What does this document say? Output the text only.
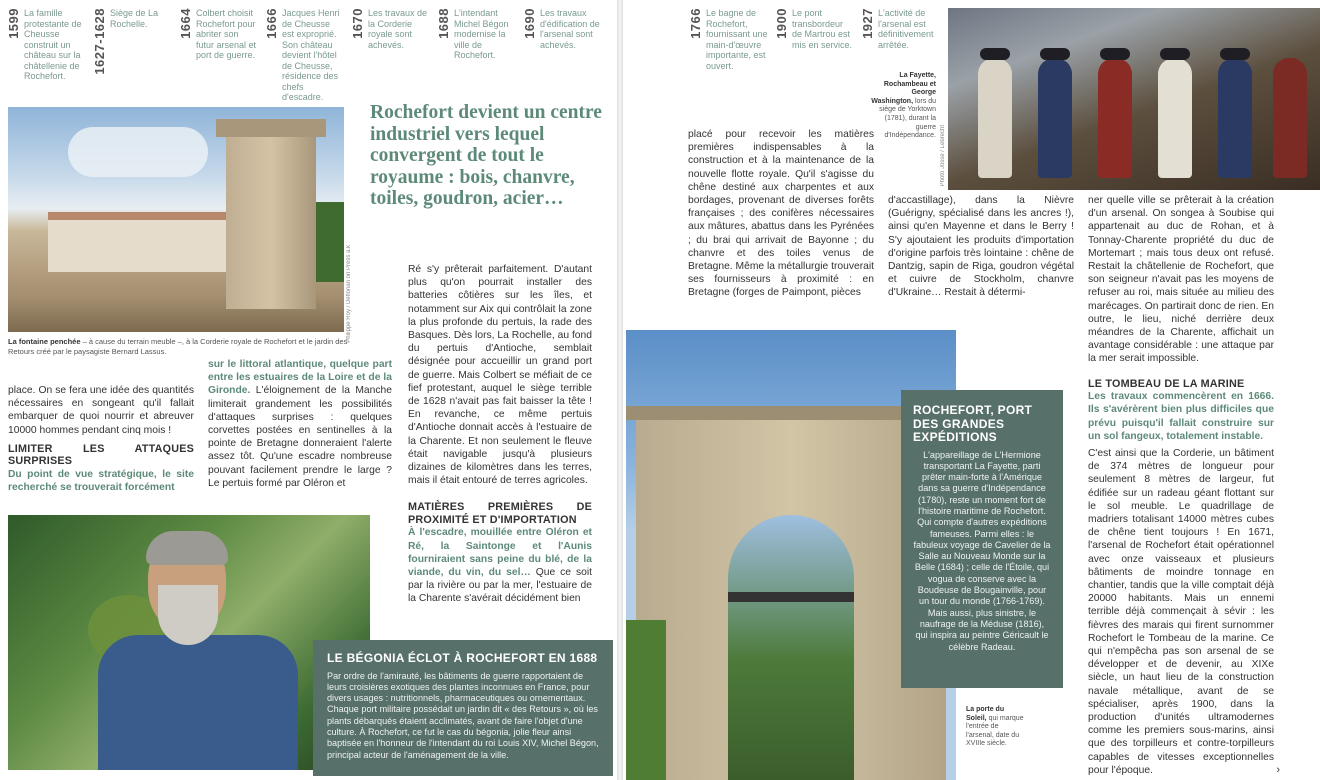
1599 La famille protestante de Cheusse construit un château sur la châtellenie de Rochefort.
1627-1628 Siège de La Rochelle.	1664 Colbert choisit Rochefort pour abriter son futur arsenal et port de guerre.
1666 Jacques Henri de Cheusse est exproprié. Son château devient l'hôtel de Cheusse, résidence des chefs d'escadre.
1670 Les travaux de la Corderie royale sont achevés.
1688 L'intendant Michel Bégon modernise la ville de Rochefort.
1690 Les travaux d'édification de l'arsenal sont achevés.
1766 Le bagne de Rochefort, fournissant une main-d'œuvre importante, est ouvert.
1900 Le pont transbordeur de Martrou est mis en service.
1927 L'activité de l'arsenal est définitivement arrêtée.
Philippe Roy / Deflorian on Press a.k
La fontaine penchée – à cause du terrain meuble –, à la Corderie royale de Rochefort et le jardin des Retours créé par le paysagiste Bernard Lassus.
Rochefort devient un centre industriel vers lequel convergent de tout le royaume : bois, chanvre, toiles, goudron, acier…

place. On se fera une idée des quantités nécessaires en songeant qu'il fallait embarquer de quoi nourrir et abreuver 10000 hommes pendant cinq mois !

LIMITER LES ATTAQUES SURPRISES

Du point de vue stratégique, le site recherché se trouverait forcément

sur le littoral atlantique, quelque part entre les estuaires de la Loire et de la Gironde. L'éloignement de la Manche limiterait grandement les possibilités d'attaques surprises : quelques corvettes postées en sentinelles à la pointe de Bretagne donneraient l'alerte assez tôt. Qu'une escadre nombreuse pouvant facilement prendre le large ? Le pertuis formé par Oléron et

Ré s'y prêterait parfaitement. D'autant plus qu'on pourrait installer des batteries côtières sur les îles, et notamment sur Aix qui contrôlait la zone la plus profonde du pertuis, la rade des Basques. Dès lors, La Rochelle, au fond du pertuis d'Antioche, semblait désignée pour accueillir un grand port de guerre. Mais Colbert se méfiait de ce fief protestant, auquel le siège terrible de 1628 n'avait pas fait baisser la tête ! En revanche, ce même pertuis d'Antioche donnait accès à l'estuaire de la Charente. Et non seulement le fleuve était navigable jusqu'à plusieurs dizaines de kilomètres dans les terres, mais il était entouré de terres agricoles.

MATIÈRES PREMIÈRES DE PROXIMITÉ ET D'IMPORTATION

À l'escadre, mouillée entre Oléron et Ré, la Saintonge et l'Aunis fourniraient sans peine du blé, de la viande, du vin, du sel… Que ce soit par la rivière ou par la mer, l'estuaire de la Charente s'avérait décidément bien

LE BÉGONIA ÉCLOT À ROCHEFORT EN 1688

Par ordre de l'amirauté, les bâtiments de guerre rapportaient de leurs croisières exotiques des plantes inconnues en France, pour divers usages : nutritionnels, pharmaceutiques ou ornementaux. Chaque port militaire possédait un jardin dit « des Retours », où les plants débarqués étaient acclimatés, avant de faire l'objet d'une culture. À Rochefort, ce fut le cas du bégonia, jolie fleur ainsi baptisée en l'honneur de l'intendant du roi Louis XIV, Michel Bégon, principal acteur de l'aménagement de la ville.

La Fayette, Rochambeau et George Washington, lors du siège de Yorktown (1781), durant la guerre d'Indépendance. Photo Josse / Lebrecht
placé pour recevoir les matières premières indispensables à la construction et à la maintenance de la nouvelle flotte royale. Qu'il s'agisse du chêne destiné aux charpentes et aux bordages, provenant de diverses forêts françaises ; des conifères nécessaires aux mâtures, abattus dans les Pyrénées ; du brai qui arrivait de Bayonne ; du chanvre et des toiles venus de Bretagne. Même la métallurgie trouverait ses fournisseurs à proximité : en Bretagne (forges de Paimpont, pièces
d'accastillage), dans la Nièvre (Guérigny, spécialisé dans les ancres !), ainsi qu'en Mayenne et dans le Berry ! S'y ajoutaient les produits d'importation d'origine parfois très lointaine : chêne de Dantzig, sapin de Riga, goudron végétal et cuivre de Stockholm, chanvre d'Ukraine… Restait à détermi-

ner quelle ville se prêterait à la création d'un arsenal. On songea à Soubise qui appartenait au duc de Rohan, et à Tonnay-Charente propriété du duc de Mortemart ; mais tous deux ont refusé. Restait la châtellenie de Rochefort, que son seigneur n'avait pas les moyens de refuser au roi, mais située au milieu des marécages. On partirait donc de rien. En outre, le lieu, niché derrière deux méandres de la Charente, affichait un avantage considérable : une attaque par la mer serait impossible.

LE TOMBEAU DE LA MARINE

Les travaux commencèrent en 1666. Ils s'avérèrent bien plus difficiles que prévu puisqu'il fallait construire sur un sol fangeux, totalement instable.

C'est ainsi que la Corderie, un bâtiment de 374 mètres de longueur pour seulement 8 mètres de largeur, fut édifiée sur un radeau géant flottant sur le sol meuble. Le quadrillage de madriers totalisant 14000 mètres cubes de chêne tient toujours ! En 1671, l'arsenal de Rochefort était opérationnel avec onze vaisseaux et plusieurs bâtiments de moindre tonnage en chantier, tandis que la ville comptait déjà 20000 habitants. Mais un ennemi terrible déjà commençait à sévir : les fièvres des marais qui firent surnommer Rochefort le Tombeau de la marine. Ce qui n'empêcha pas son arsenal de se développer et de devenir, au XIXe siècle, un haut lieu de la construction navale métallique, avant de se spécialiser, après 1900, dans la production d'unités ultramodernes comme les premiers sous-marins, ainsi que des torpilleurs et contre-torpilleurs capables de vitesses exceptionnelles pour l'époque.

La porte du Soleil, qui marque l'entrée de l'arsenal, date du XVIIIe siècle.
ROCHEFORT, PORT DES GRANDES EXPÉDITIONS

L'appareillage de L'Hermione transportant La Fayette, parti prêter main-forte à l'Amérique dans sa guerre d'Indépendance (1780), reste un moment fort de l'histoire maritime de Rochefort. Qui compte d'autres expéditions fameuses. Parmi elles : le fabuleux voyage de Cavelier de la Salle au Nouveau Monde sur la Belle (1684) ; celle de l'Étoile, qui vogua de conserve avec la Boudeuse de Bougainville, pour un tour du monde (1766-1769). Mais aussi, plus sinistre, le naufrage de la Méduse (1816), qui inspira au peintre Géricault le célèbre Radeau.

›
